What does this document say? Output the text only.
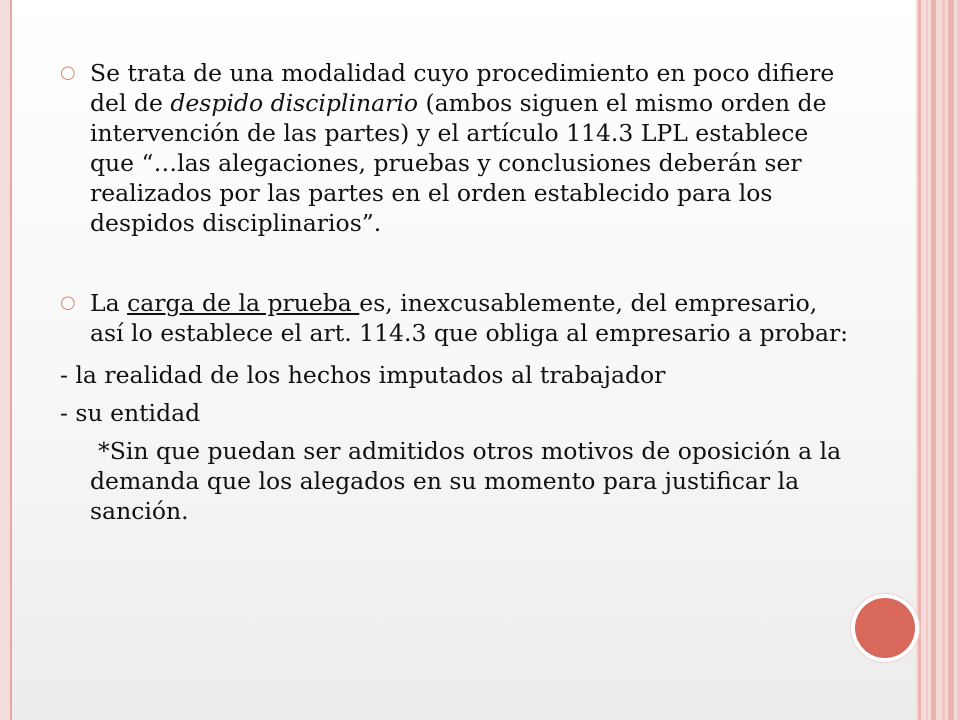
○ Se trata de una modalidad cuyo procedimiento en poco difiere del de despido disciplinario (ambos siguen el mismo orden de intervención de las partes) y el artículo 114.3 LPL establece que “…las alegaciones, pruebas y conclusiones deberán ser realizados por las partes en el orden establecido para los despidos disciplinarios”.
○ La carga de la prueba es, inexcusablemente, del empresario, así lo establece el art. 114.3 que obliga al empresario a probar:
- la realidad de los hechos imputados al trabajador
- su entidad
*Sin que puedan ser admitidos otros motivos de oposición a la demanda que los alegados en su momento para justificar la sanción.
